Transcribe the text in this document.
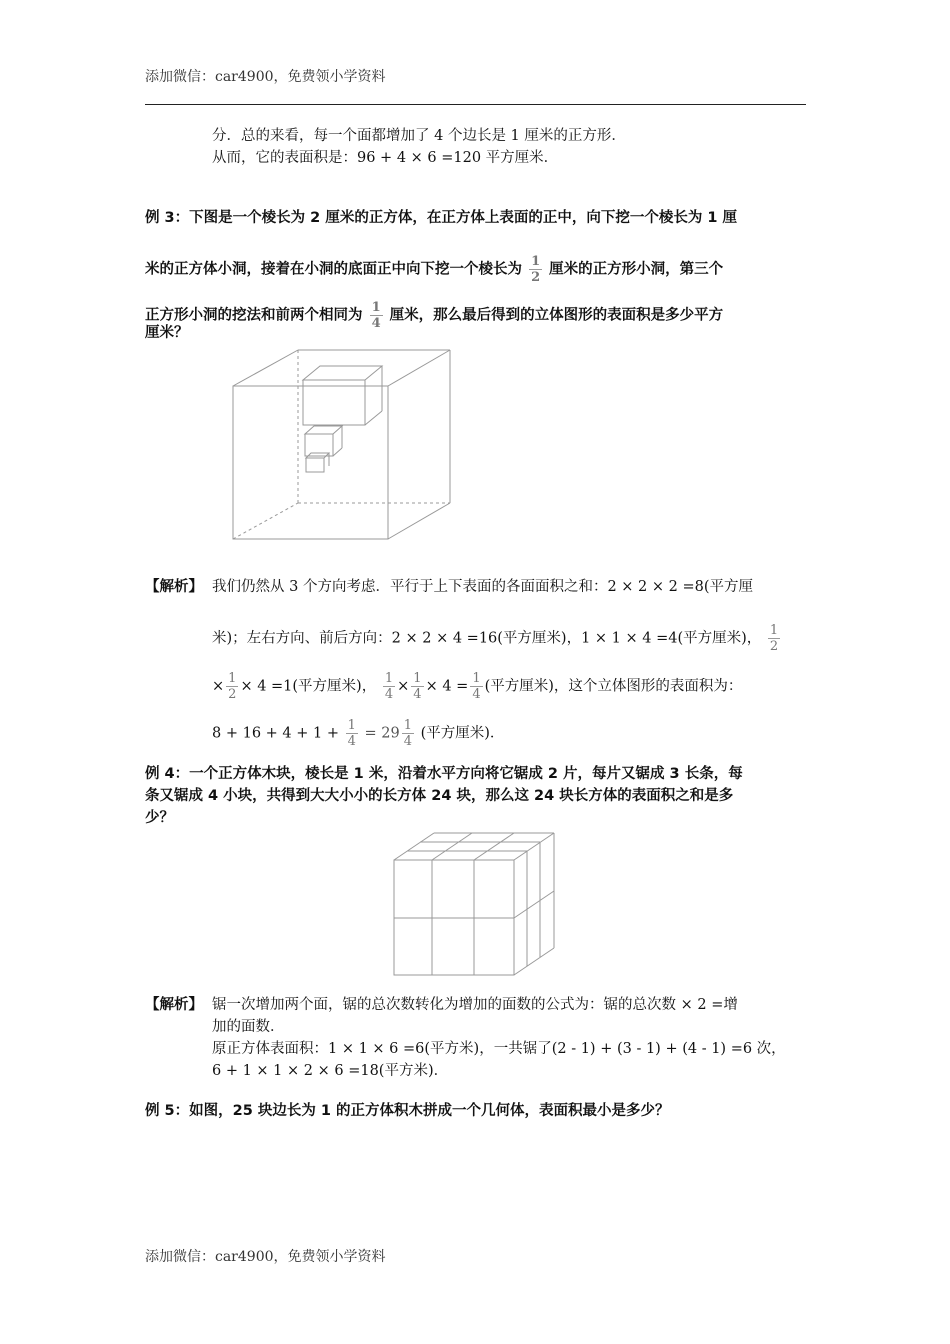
添加微信：car4900，免费领小学资料
分．总的来看，每一个面都增加了 4 个边长是 1 厘米的正方形．
从而，它的表面积是：96 + 4 × 6 =120 平方厘米．
例 3：下图是一个棱长为 2 厘米的正方体，在正方体上表面的正中，向下挖一个棱长为 1 厘
米的正方体小洞，接着在小洞的底面正中向下挖一个棱长为 $\frac{1}{2}$ 厘米的正方形小洞，第三个
正方形小洞的挖法和前两个相同为 $\frac{1}{4}$ 厘米，那么最后得到的立体图形的表面积是多少平方
厘米？
【解析】 我们仍然从 3 个方向考虑．平行于上下表面的各面面积之和：2 × 2 × 2 =8(平方厘
米)；左右方向、前后方向：2 × 2 × 4 =16(平方厘米)，1 × 1 × 4 =4(平方厘米)， $\frac{1}{2}$
× $\frac{1}{2} \times 4 =1$(平方厘米)， $\frac{1}{4} \times \frac{1}{4} \times 4 = \frac{1}{4}$ (平方厘米)，这个立体图形的表面积为：
$8 + 16 + 4 + 1 + \frac{1}{4} = 29 \frac{1}{4}$ (平方厘米)．
例 4：一个正方体木块，棱长是 1 米，沿着水平方向将它锯成 2 片，每片又锯成 3 长条，每
条又锯成 4 小块，共得到大大小小的长方体 24 块，那么这 24 块长方体的表面积之和是多
少？
【解析】 锯一次增加两个面，锯的总次数转化为增加的面数的公式为：锯的总次数 × 2 =增
加的面数．
原正方体表面积：1 × 1 × 6 =6(平方米)，一共锯了(2 - 1) + (3 - 1) + (4 - 1) =6 次，
6 + 1 × 1 × 2 × 6 =18(平方米)．
例 5：如图，25 块边长为 1 的正方体积木拼成一个几何体，表面积最小是多少？
添加微信：car4900，免费领小学资料
